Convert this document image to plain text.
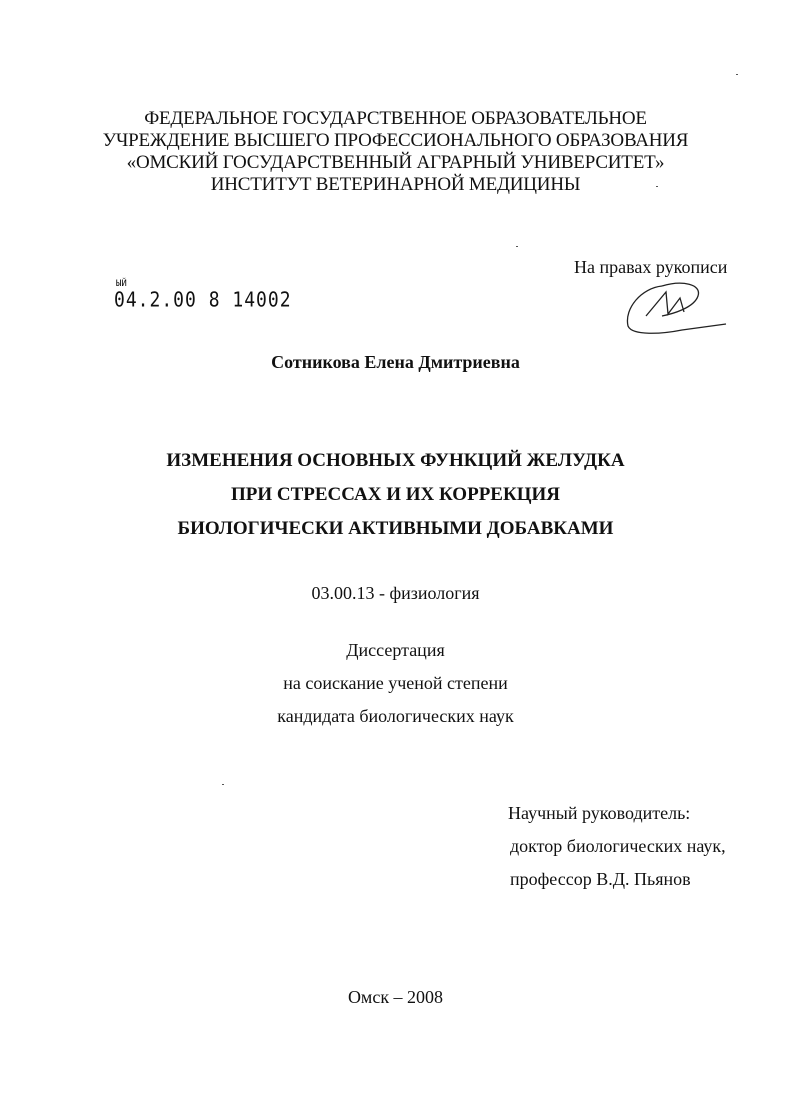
ФЕДЕРАЛЬНОЕ ГОСУДАРСТВЕННОЕ ОБРАЗОВАТЕЛЬНОЕ
УЧРЕЖДЕНИЕ ВЫСШЕГО ПРОФЕССИОНАЛЬНОГО ОБРАЗОВАНИЯ
«ОМСКИЙ ГОСУДАРСТВЕННЫЙ АГРАРНЫЙ УНИВЕРСИТЕТ»
ИНСТИТУТ ВЕТЕРИНАРНОЙ МЕДИЦИНЫ
На правах рукописи
ЫЙ
04.2.00 8 14002
Сотникова Елена Дмитриевна
ИЗМЕНЕНИЯ ОСНОВНЫХ ФУНКЦИЙ ЖЕЛУДКА
ПРИ СТРЕССАХ И ИХ КОРРЕКЦИЯ
БИОЛОГИЧЕСКИ АКТИВНЫМИ ДОБАВКАМИ
03.00.13 - физиология
Диссертация
на соискание ученой степени
кандидата биологических наук
Научный руководитель:
доктор биологических наук,
профессор В.Д. Пьянов
Омск – 2008
